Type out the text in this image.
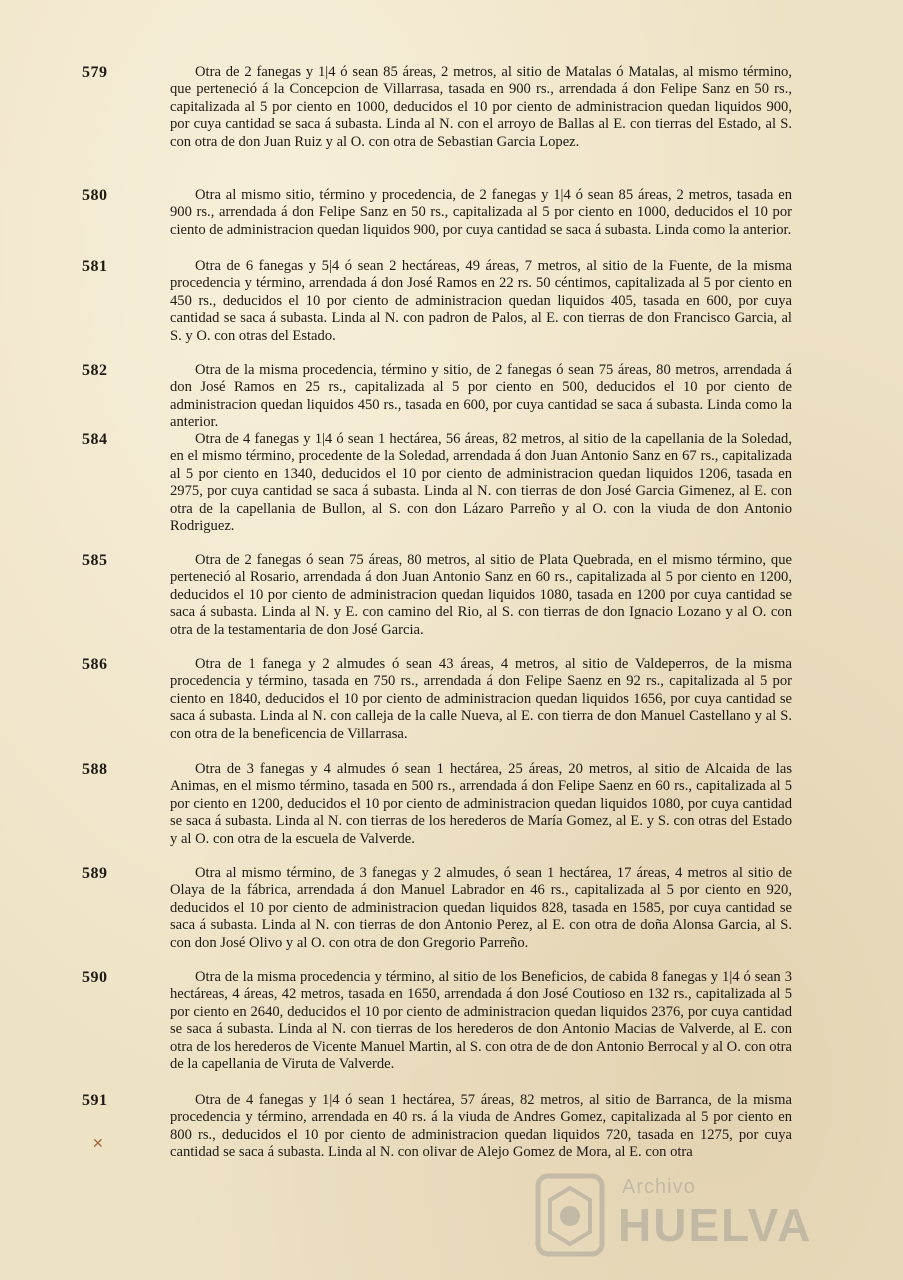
579	Otra de 2 fanegas y 1|4 ó sean 85 áreas, 2 metros, al sitio de Matalas ó Matalas, al mismo término, que perteneció á la Concepcion de Villarrasa, tasada en 900 rs., arrendada á don Felipe Sanz en 50 rs., capitalizada al 5 por ciento en 1000, deducidos el 10 por ciento de administracion quedan liquidos 900, por cuya cantidad se saca á subasta. Linda al N. con el arroyo de Ballas al E. con tierras del Estado, al S. con otra de don Juan Ruiz y al O. con otra de Sebastian Garcia Lopez.
580	Otra al mismo sitio, término y procedencia, de 2 fanegas y 1|4 ó sean 85 áreas, 2 metros, tasada en 900 rs., arrendada á don Felipe Sanz en 50 rs., capitalizada al 5 por ciento en 1000, deducidos el 10 por ciento de administracion quedan liquidos 900, por cuya cantidad se saca á subasta. Linda como la anterior.
581	Otra de 6 fanegas y 5|4 ó sean 2 hectáreas, 49 áreas, 7 metros, al sitio de la Fuente, de la misma procedencia y término, arrendada á don José Ramos en 22 rs. 50 céntimos, capitalizada al 5 por ciento en 450 rs., deducidos el 10 por ciento de administracion quedan liquidos 405, tasada en 600, por cuya cantidad se saca á subasta. Linda al N. con padron de Palos, al E. con tierras de don Francisco Garcia, al S. y O. con otras del Estado.
582	Otra de la misma procedencia, término y sitio, de 2 fanegas ó sean 75 áreas, 80 metros, arrendada á don José Ramos en 25 rs., capitalizada al 5 por ciento en 500, deducidos el 10 por ciento de administracion quedan liquidos 450 rs., tasada en 600, por cuya cantidad se saca á subasta. Linda como la anterior.
584	Otra de 4 fanegas y 1|4 ó sean 1 hectárea, 56 áreas, 82 metros, al sitio de la capellania de la Soledad, en el mismo término, procedente de la Soledad, arrendada á don Juan Antonio Sanz en 67 rs., capitalizada al 5 por ciento en 1340, deducidos el 10 por ciento de administracion quedan liquidos 1206, tasada en 2975, por cuya cantidad se saca á subasta. Linda al N. con tierras de don José Garcia Gimenez, al E. con otra de la capellania de Bullon, al S. con don Lázaro Parreño y al O. con la viuda de don Antonio Rodriguez.
585	Otra de 2 fanegas ó sean 75 áreas, 80 metros, al sitio de Plata Quebrada, en el mismo término, que perteneció al Rosario, arrendada á don Juan Antonio Sanz en 60 rs., capitalizada al 5 por ciento en 1200, deducidos el 10 por ciento de administracion quedan liquidos 1080, tasada en 1200 por cuya cantidad se saca á subasta. Linda al N. y E. con camino del Rio, al S. con tierras de don Ignacio Lozano y al O. con otra de la testamentaria de don José Garcia.
586	Otra de 1 fanega y 2 almudes ó sean 43 áreas, 4 metros, al sitio de Valdeperros, de la misma procedencia y término, tasada en 750 rs., arrendada á don Felipe Saenz en 92 rs., capitalizada al 5 por ciento en 1840, deducidos el 10 por ciento de administracion quedan liquidos 1656, por cuya cantidad se saca á subasta. Linda al N. con calleja de la calle Nueva, al E. con tierra de don Manuel Castellano y al S. con otra de la beneficencia de Villarrasa.
588	Otra de 3 fanegas y 4 almudes ó sean 1 hectárea, 25 áreas, 20 metros, al sitio de Alcaida de las Animas, en el mismo término, tasada en 500 rs., arrendada á don Felipe Saenz en 60 rs., capitalizada al 5 por ciento en 1200, deducidos el 10 por ciento de administracion quedan liquidos 1080, por cuya cantidad se saca á subasta. Linda al N. con tierras de los herederos de María Gomez, al E. y S. con otras del Estado y al O. con otra de la escuela de Valverde.
589	Otra al mismo término, de 3 fanegas y 2 almudes, ó sean 1 hectárea, 17 áreas, 4 metros al sitio de Olaya de la fábrica, arrendada á don Manuel Labrador en 46 rs., capitalizada al 5 por ciento en 920, deducidos el 10 por ciento de administracion quedan liquidos 828, tasada en 1585, por cuya cantidad se saca á subasta. Linda al N. con tierras de don Antonio Perez, al E. con otra de doña Alonsa Garcia, al S. con don José Olivo y al O. con otra de don Gregorio Parreño.
590	Otra de la misma procedencia y término, al sitio de los Beneficios, de cabida 8 fanegas y 1|4 ó sean 3 hectáreas, 4 áreas, 42 metros, tasada en 1650, arrendada á don José Coutioso en 132 rs., capitalizada al 5 por ciento en 2640, deducidos el 10 por ciento de administracion quedan liquidos 2376, por cuya cantidad se saca á subasta. Linda al N. con tierras de los herederos de don Antonio Macias de Valverde, al E. con otra de los herederos de Vicente Manuel Martin, al S. con otra de de don Antonio Berrocal y al O. con otra de la capellania de Viruta de Valverde.
591	Otra de 4 fanegas y 1|4 ó sean 1 hectárea, 57 áreas, 82 metros, al sitio de Barranca, de la misma procedencia y término, arrendada en 40 rs. á la viuda de Andres Gomez, capitalizada al 5 por ciento en 800 rs., deducidos el 10 por ciento de administracion quedan liquidos 720, tasada en 1275, por cuya cantidad se saca á subasta. Linda al N. con olivar de Alejo Gomez de Mora, al E. con otra
✕
Archivo
HUELVA
